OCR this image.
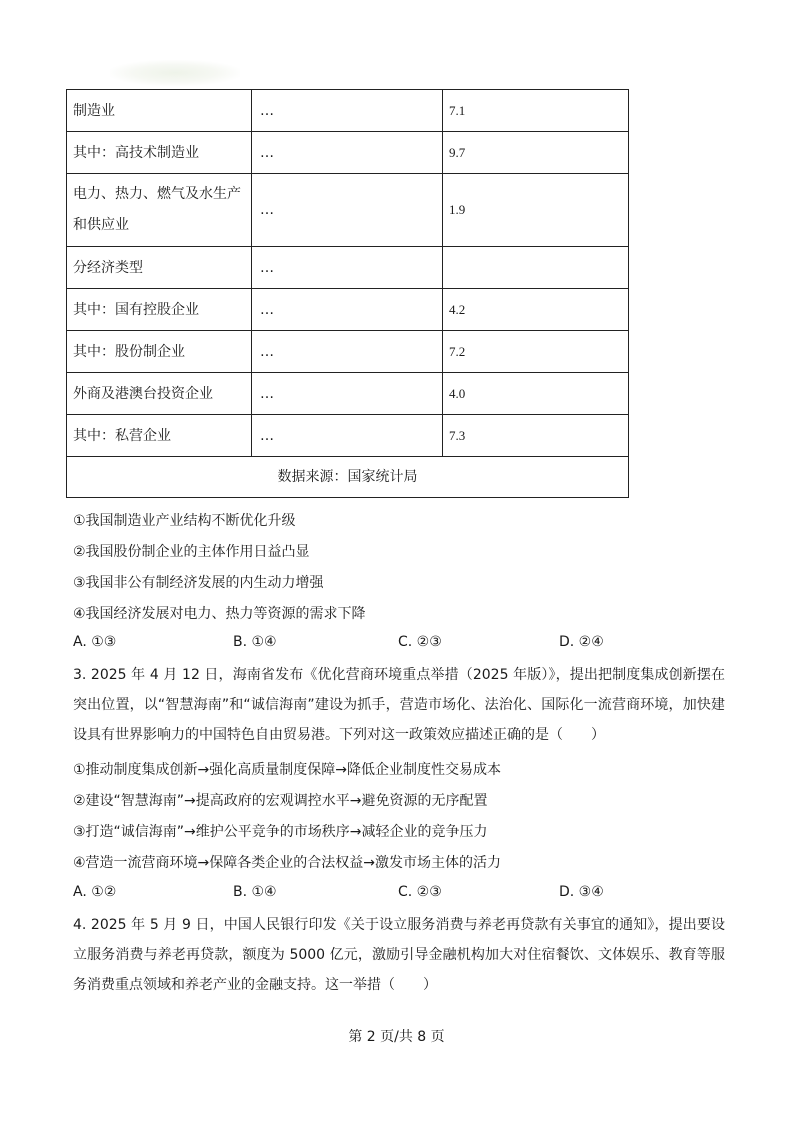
制造业	…	7.1
其中：高技术制造业	…	9.7
电力、热力、燃气及水生产和供应业	…	1.9
分经济类型	…	
其中：国有控股企业	…	4.2
其中：股份制企业	…	7.2
外商及港澳台投资企业	…	4.0
其中：私营企业	…	7.3
数据来源：国家统计局		
①我国制造业产业结构不断优化升级
②我国股份制企业的主体作用日益凸显
③我国非公有制经济发展的内生动力增强
④我国经济发展对电力、热力等资源的需求下降
A. ①③	B. ①④	C. ②③	D. ②④
3. 2025 年 4 月 12 日，海南省发布《优化营商环境重点举措（2025 年版）》，提出把制度集成创新摆在突出位置，以“智慧海南”和“诚信海南”建设为抓手，营造市场化、法治化、国际化一流营商环境，加快建设具有世界影响力的中国特色自由贸易港。下列对这一政策效应描述正确的是（　　）
①推动制度集成创新→强化高质量制度保障→降低企业制度性交易成本
②建设“智慧海南”→提高政府的宏观调控水平→避免资源的无序配置
③打造“诚信海南”→维护公平竞争的市场秩序→减轻企业的竞争压力
④营造一流营商环境→保障各类企业的合法权益→激发市场主体的活力
A. ①②	B. ①④	C. ②③	D. ③④
4. 2025 年 5 月 9 日，中国人民银行印发《关于设立服务消费与养老再贷款有关事宜的通知》，提出要设立服务消费与养老再贷款，额度为 5000 亿元，激励引导金融机构加大对住宿餐饮、文体娱乐、教育等服务消费重点领域和养老产业的金融支持。这一举措（　　）
第 2 页/共 8 页
